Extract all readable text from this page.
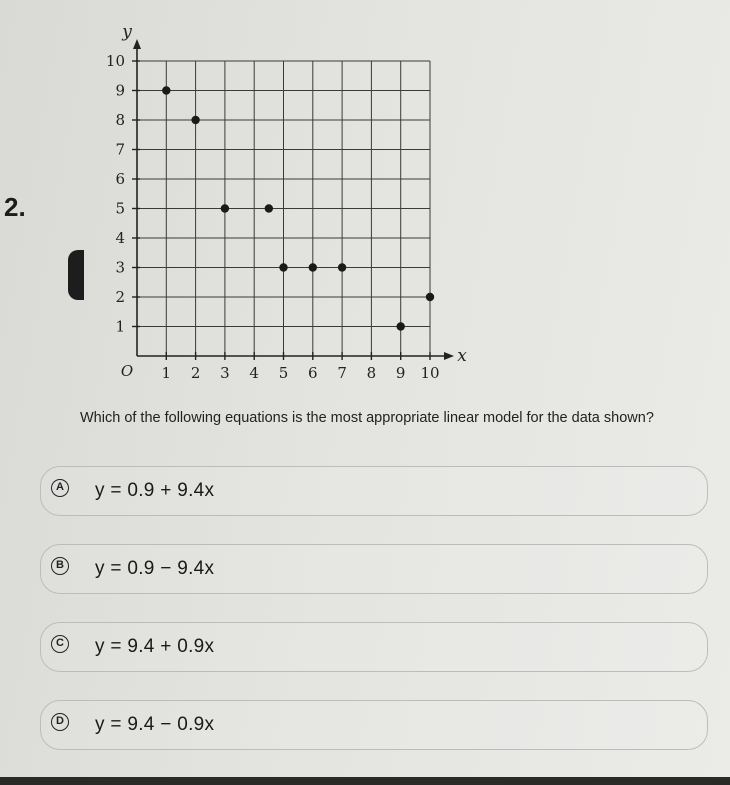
2.
1 2 3 4 5 6 7 8 9 10
1
2
3
4
5
6
7
8
9
10
O
x
y
Which of the following equations is the most appropriate linear model for the data shown?
A y = 0.9 + 9.4x
B y = 0.9 − 9.4x
C y = 9.4 + 0.9x
D y = 9.4 − 0.9x
